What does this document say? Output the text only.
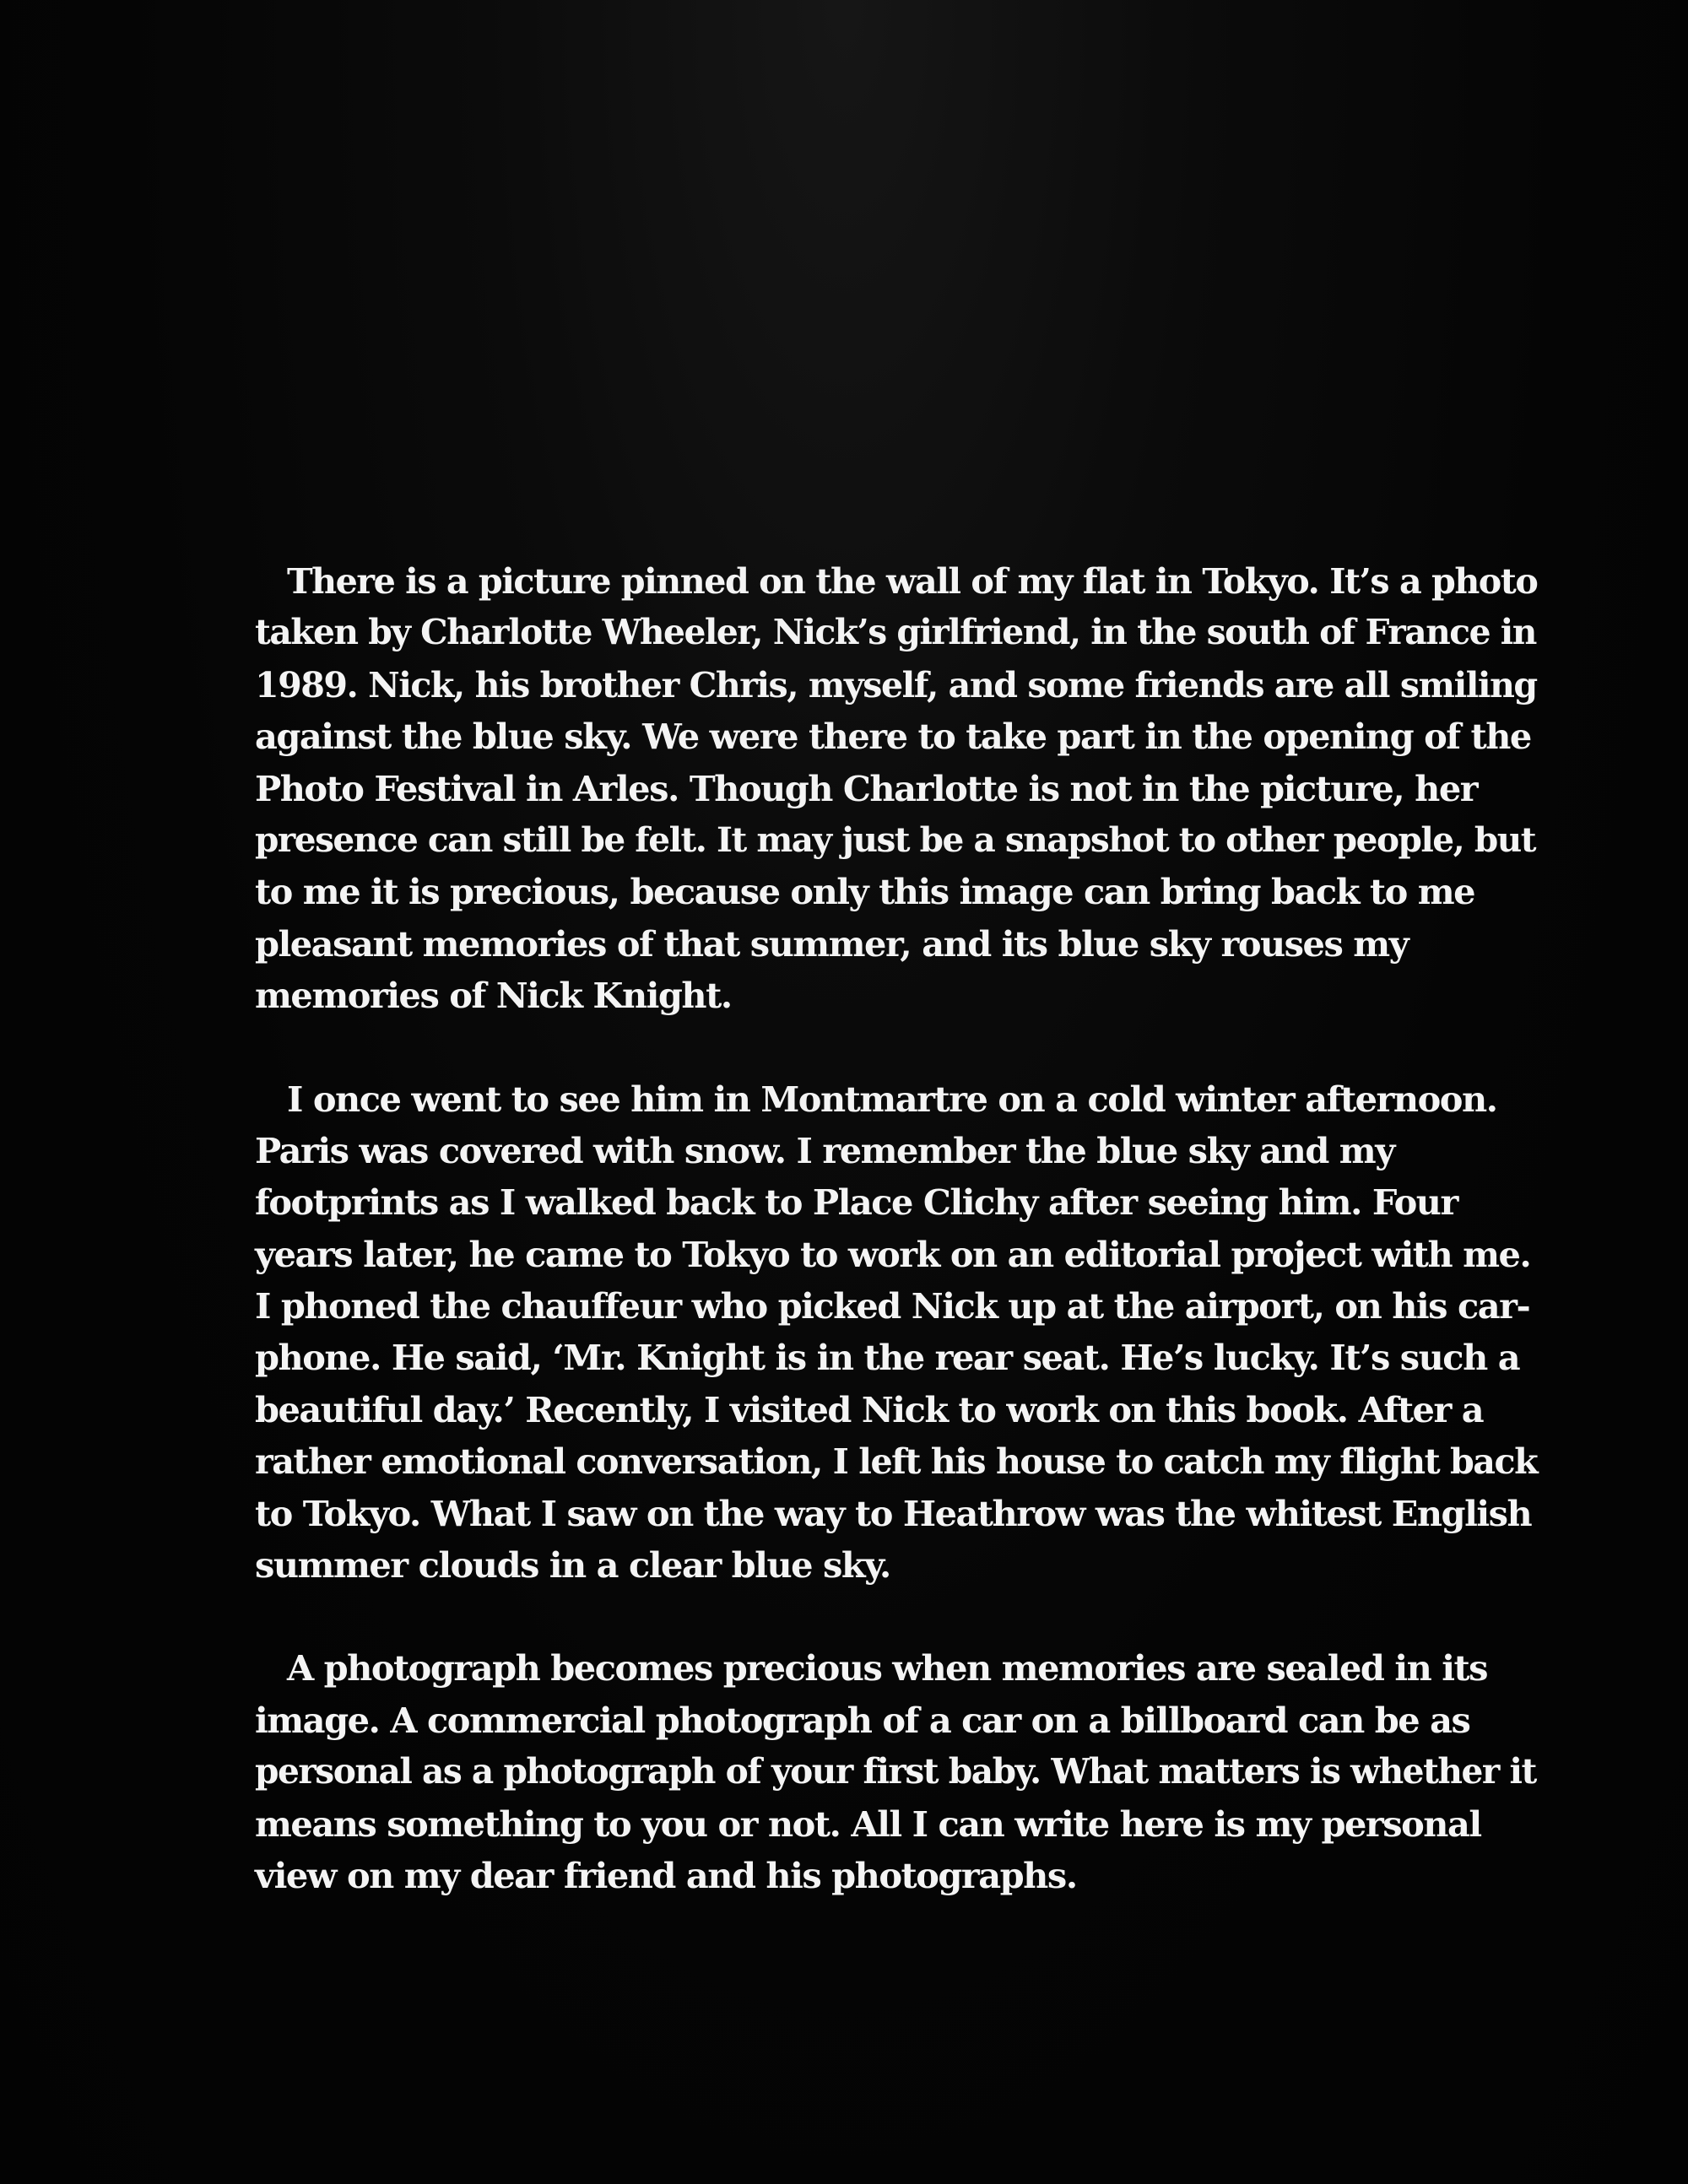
There is a picture pinned on the wall of my flat in Tokyo. It’s a photo
taken by Charlotte Wheeler, Nick’s girlfriend, in the south of France in
1989. Nick, his brother Chris, myself, and some friends are all smiling
against the blue sky. We were there to take part in the opening of the
Photo Festival in Arles. Though Charlotte is not in the picture, her
presence can still be felt. It may just be a snapshot to other people, but
to me it is precious, because only this image can bring back to me
pleasant memories of that summer, and its blue sky rouses my
memories of Nick Knight.

I once went to see him in Montmartre on a cold winter afternoon.
Paris was covered with snow. I remember the blue sky and my
footprints as I walked back to Place Clichy after seeing him. Four
years later, he came to Tokyo to work on an editorial project with me.
I phoned the chauffeur who picked Nick up at the airport, on his car-
phone. He said, ‘Mr. Knight is in the rear seat. He’s lucky. It’s such a
beautiful day.’ Recently, I visited Nick to work on this book. After a
rather emotional conversation, I left his house to catch my flight back
to Tokyo. What I saw on the way to Heathrow was the whitest English
summer clouds in a clear blue sky.

A photograph becomes precious when memories are sealed in its
image. A commercial photograph of a car on a billboard can be as
personal as a photograph of your first baby. What matters is whether it
means something to you or not. All I can write here is my personal
view on my dear friend and his photographs.
